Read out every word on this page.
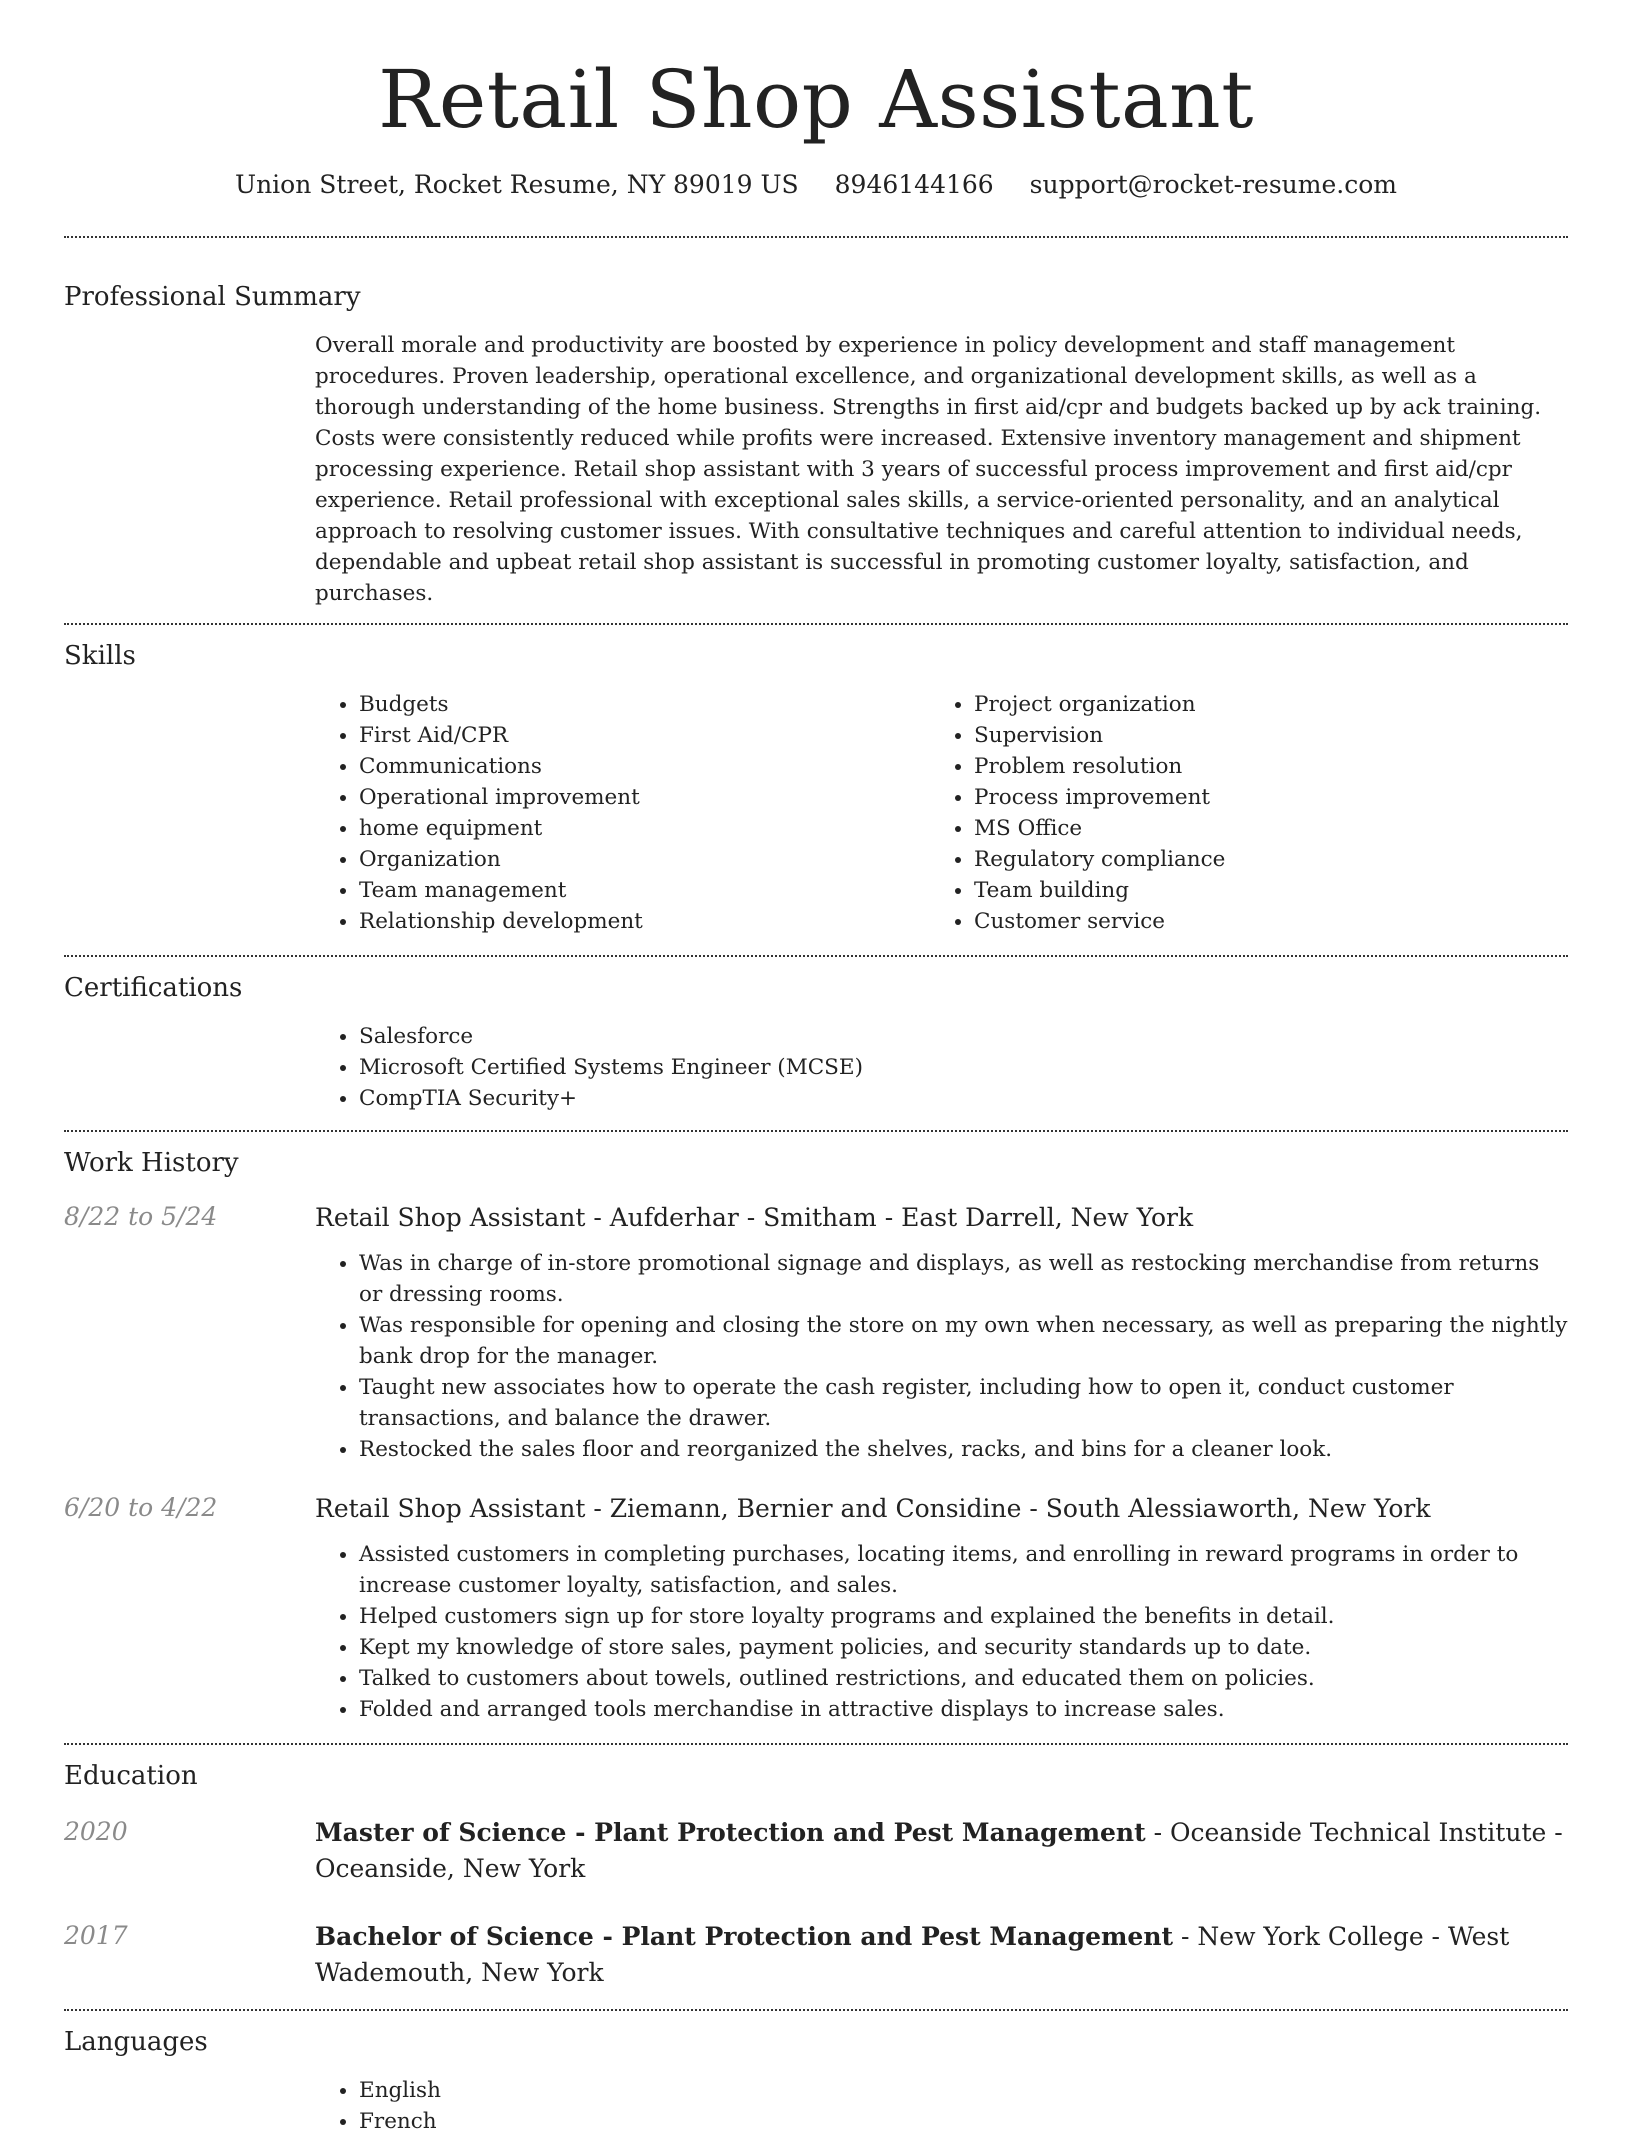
Retail Shop Assistant
Union Street, Rocket Resume, NY 89019 US 8946144166 support@rocket-resume.com
Professional Summary
Overall morale and productivity are boosted by experience in policy development and staff management procedures. Proven leadership, operational excellence, and organizational development skills, as well as a thorough understanding of the home business. Strengths in first aid/cpr and budgets backed up by ack training. Costs were consistently reduced while profits were increased. Extensive inventory management and shipment processing experience. Retail shop assistant with 3 years of successful process improvement and first aid/cpr experience. Retail professional with exceptional sales skills, a service-oriented personality, and an analytical approach to resolving customer issues. With consultative techniques and careful attention to individual needs, dependable and upbeat retail shop assistant is successful in promoting customer loyalty, satisfaction, and purchases.
Skills
• Budgets
• First Aid/CPR
• Communications
• Operational improvement
• home equipment
• Organization
• Team management
• Relationship development
• Project organization
• Supervision
• Problem resolution
• Process improvement
• MS Office
• Regulatory compliance
• Team building
• Customer service
Certifications
• Salesforce
• Microsoft Certified Systems Engineer (MCSE)
• CompTIA Security+
Work History
8/22 to 5/24	Retail Shop Assistant - Aufderhar - Smitham - East Darrell, New York
• Was in charge of in-store promotional signage and displays, as well as restocking merchandise from returns or dressing rooms.
• Was responsible for opening and closing the store on my own when necessary, as well as preparing the nightly bank drop for the manager.
• Taught new associates how to operate the cash register, including how to open it, conduct customer transactions, and balance the drawer.
• Restocked the sales floor and reorganized the shelves, racks, and bins for a cleaner look.
6/20 to 4/22	Retail Shop Assistant - Ziemann, Bernier and Considine - South Alessiaworth, New York
• Assisted customers in completing purchases, locating items, and enrolling in reward programs in order to increase customer loyalty, satisfaction, and sales.
• Helped customers sign up for store loyalty programs and explained the benefits in detail.
• Kept my knowledge of store sales, payment policies, and security standards up to date.
• Talked to customers about towels, outlined restrictions, and educated them on policies.
• Folded and arranged tools merchandise in attractive displays to increase sales.
Education
2020	Master of Science - Plant Protection and Pest Management - Oceanside Technical Institute - Oceanside, New York
2017	Bachelor of Science - Plant Protection and Pest Management - New York College - West Wademouth, New York
Languages
• English
• French
